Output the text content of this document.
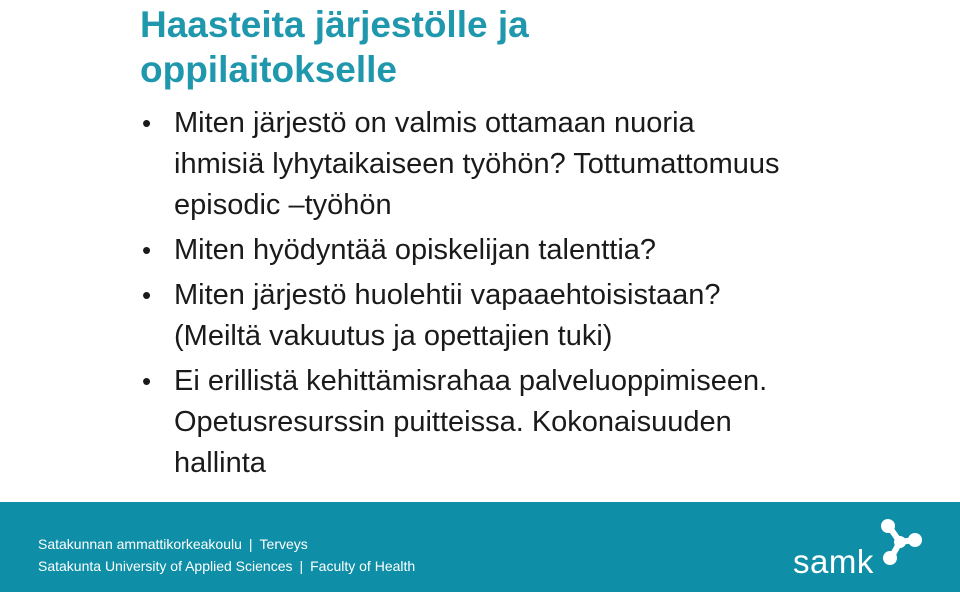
Haasteita järjestölle ja
oppilaitokselle
• Miten järjestö on valmis ottamaan nuoria
ihmisiä lyhytaikaiseen työhön? Tottumattomuus
episodic –työhön
• Miten hyödyntää opiskelijan talenttia?
• Miten järjestö huolehtii vapaaehtoisistaan?
(Meiltä vakuutus ja opettajien tuki)
• Ei erillistä kehittämisrahaa palveluoppimiseen.
Opetusresurssin puitteissa. Kokonaisuuden
hallinta
Satakunnan ammattikorkeakoulu | Terveys
Satakunta University of Applied Sciences | Faculty of Health	samk
